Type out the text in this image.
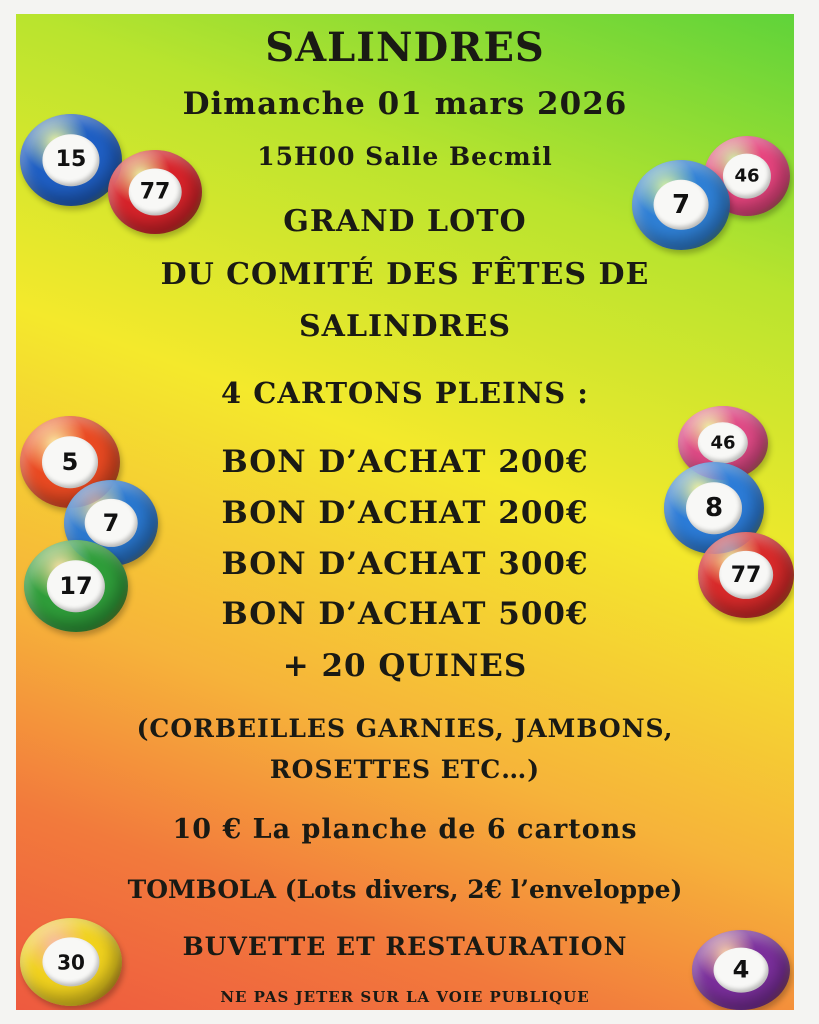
SALINDRES
Dimanche 01 mars 2026
15H00 Salle Becmil
GRAND LOTO
DU COMITÉ DES FÊTES DE
SALINDRES
4 CARTONS PLEINS :
BON D’ACHAT 200€
BON D’ACHAT 200€
BON D’ACHAT 300€
BON D’ACHAT 500€
+ 20 QUINES
(CORBEILLES GARNIES, JAMBONS,
ROSETTES ETC…)
10 € La planche de 6 cartons
TOMBOLA (Lots divers, 2€ l’enveloppe)
BUVETTE ET RESTAURATION
NE PAS JETER SUR LA VOIE PUBLIQUE
15
77
46
7
5
7
17
46
8
77
30	4
